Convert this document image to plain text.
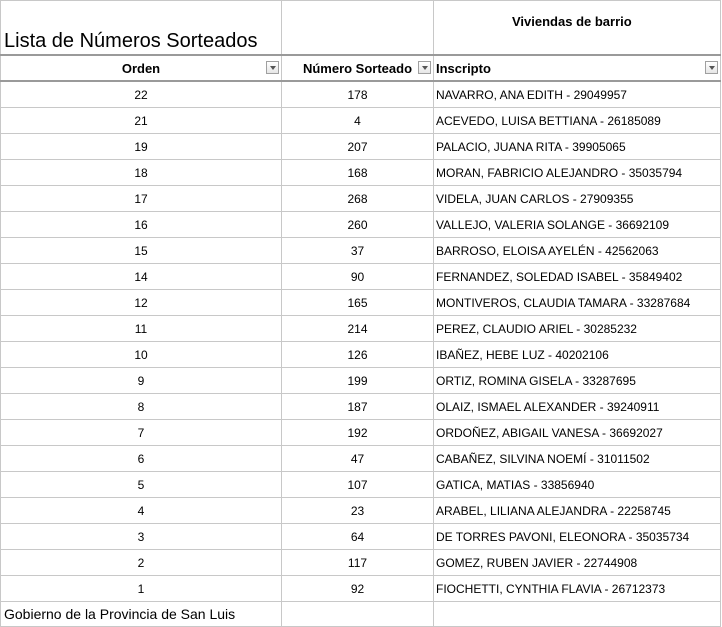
Lista de Números Sorteados		Viviendas de barrio
Orden	Número Sorteado	Inscripto

22	178	NAVARRO, ANA EDITH - 29049957
21	4	ACEVEDO, LUISA BETTIANA - 26185089
19	207	PALACIO, JUANA RITA - 39905065
18	168	MORAN, FABRICIO ALEJANDRO - 35035794
17	268	VIDELA, JUAN CARLOS - 27909355
16	260	VALLEJO, VALERIA SOLANGE - 36692109
15	37	BARROSO, ELOISA AYELÉN - 42562063
14	90	FERNANDEZ, SOLEDAD ISABEL - 35849402
12	165	MONTIVEROS, CLAUDIA TAMARA - 33287684
11	214	PEREZ, CLAUDIO ARIEL - 30285232
10	126	IBAÑEZ, HEBE LUZ - 40202106
9	199	ORTIZ, ROMINA GISELA - 33287695
8	187	OLAIZ, ISMAEL ALEXANDER - 39240911
7	192	ORDOÑEZ, ABIGAIL VANESA - 36692027
6	47	CABAÑEZ, SILVINA NOEMÍ - 31011502
5	107	GATICA, MATIAS - 33856940
4	23	ARABEL, LILIANA ALEJANDRA - 22258745
3	64	DE TORRES PAVONI, ELEONORA - 35035734
2	117	GOMEZ, RUBEN JAVIER - 22744908
1	92	FIOCHETTI, CYNTHIA FLAVIA - 26712373
Gobierno de la Provincia de San Luis		
